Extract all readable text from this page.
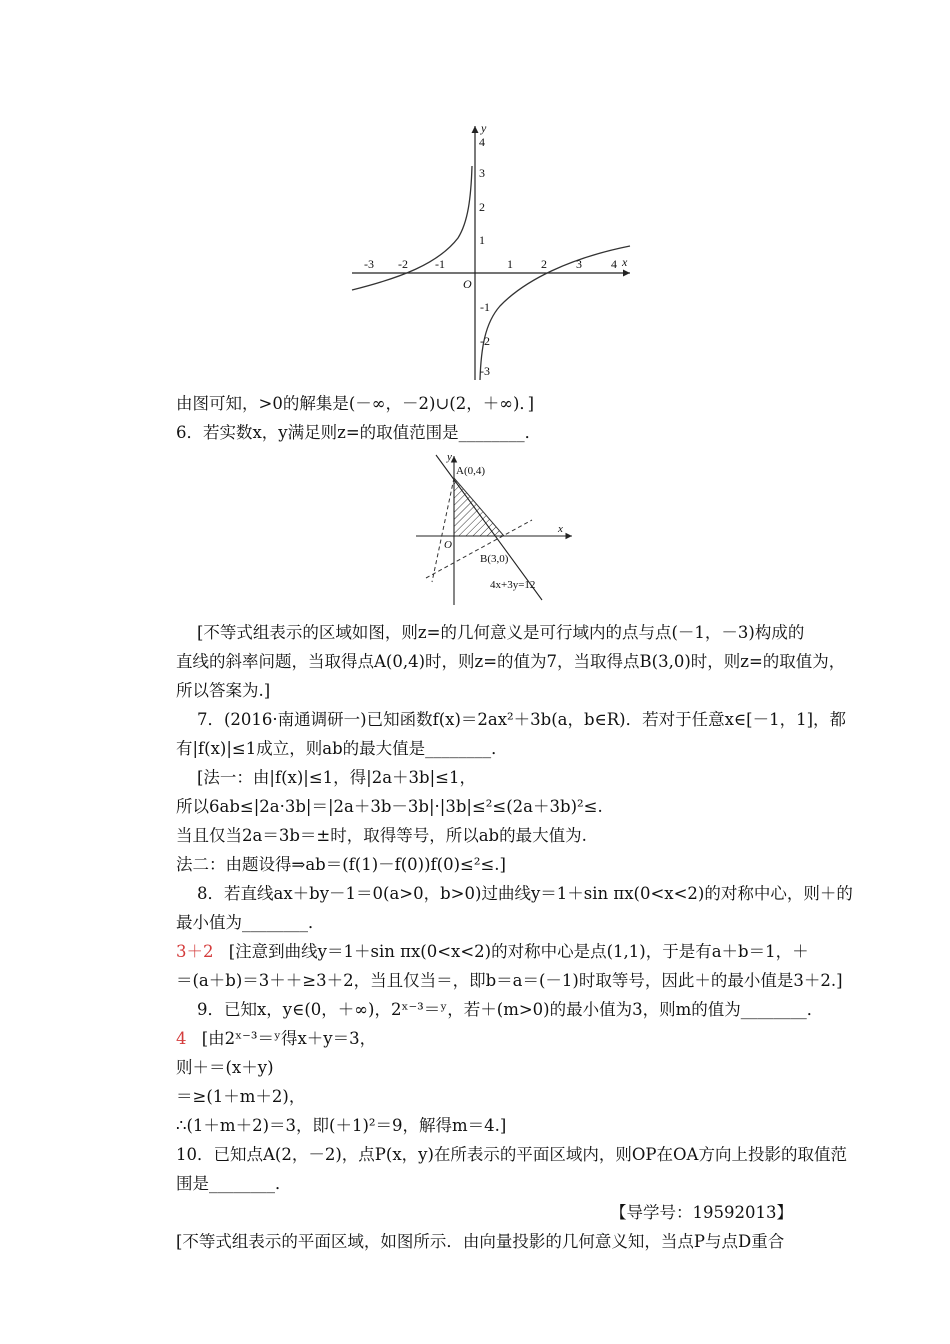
-3 -2 -1	1 2 3 4 x
O
y
4
3
2
1
-1
-2
-3
由图可知，>0的解集是(－∞，－2)∪(2，＋∞)．]
6．若实数x，y满足则z=的取值范围是________．
y
x
O
A(0,4)
B(3,0)
4x+3y=12
[不等式组表示的区域如图，则z=的几何意义是可行域内的点与点(－1，－3)构成的
直线的斜率问题，当取得点A(0,4)时，则z=的值为7，当取得点B(3,0)时，则z=的取值为，
所以答案为.]
7．(2016·南通调研一)已知函数f(x)＝2ax²＋3b(a，b∈R)．若对于任意x∈[－1，1]，都
有|f(x)|≤1成立，则ab的最大值是________．
[法一：由|f(x)|≤1，得|2a＋3b|≤1，
所以6ab≤|2a·3b|＝|2a＋3b－3b|·|3b|≤²≤(2a＋3b)²≤.
当且仅当2a＝3b＝±时，取得等号，所以ab的最大值为.
法二：由题设得⇒ab＝(f(1)－f(0))f(0)≤²≤.]
8．若直线ax＋by－1＝0(a>0，b>0)过曲线y＝1＋sin πx(0<x<2)的对称中心，则＋的
最小值为________．
3＋2 [注意到曲线y＝1＋sin πx(0<x<2)的对称中心是点(1,1)，于是有a＋b＝1，＋
＝(a＋b)＝3＋＋≥3＋2，当且仅当＝，即b＝a＝(－1)时取等号，因此＋的最小值是3＋2.]
9．已知x，y∈(0，＋∞)，2ˣ⁻³＝ʸ，若＋(m>0)的最小值为3，则m的值为________．
4 [由2ˣ⁻³＝ʸ得x＋y＝3，
则＋＝(x＋y)
＝≥(1＋m＋2)，
∴(1＋m＋2)＝3，即(＋1)²＝9，解得m＝4.]
10．已知点A(2，－2)，点P(x，y)在所表示的平面区域内，则OP在OA方向上投影的取值范
围是________．
【导学号：19592013】
[不等式组表示的平面区域，如图所示．由向量投影的几何意义知，当点P与点D重合
